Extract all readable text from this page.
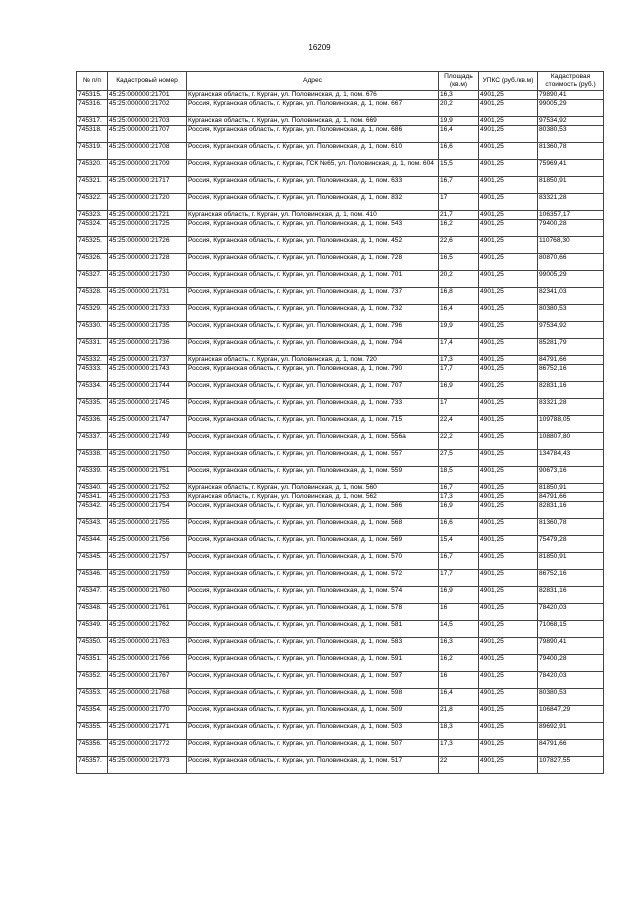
16209
№ п/п	Кадастровый номер	Адрес	Площадь (кв.м)	УПКС (руб./кв.м)	Кадастровая стоимость (руб.)
745315.	45:25:000000:21701	Курганская область, г. Курган, ул. Половинская, д. 1, пом. 676	16,3	4901,25	79890,41
745316.	45:25:000000:21702	Россия, Курганская область, г. Курган, ул. Половинская, д. 1, пом. 667	20,2	4901,25	99005,29
745317.	45:25:000000:21703	Курганская область, г. Курган, ул. Половинская, д. 1, пом. 669	19,9	4901,25	97534,92
745318.	45:25:000000:21707	Россия, Курганская область, г. Курган, ул. Половинская, д. 1, пом. 686	16,4	4901,25	80380,53
745319.	45:25:000000:21708	Россия, Курганская область, г. Курган, ул. Половинская, д. 1, пом. 610	16,6	4901,25	81360,78
745320.	45:25:000000:21709	Россия, Курганская область, г. Курган, ГСК №65, ул. Половинская, д. 1, пом. 604	15,5	4901,25	75969,41
745321.	45:25:000000:21717	Россия, Курганская область, г. Курган, ул. Половинская, д. 1, пом. 633	16,7	4901,25	81850,91
745322.	45:25:000000:21720	Россия, Курганская область, г. Курган, ул. Половинская, д. 1, пом. 832	17	4901,25	83321,28
745323.	45:25:000000:21721	Курганская область, г. Курган, ул. Половинская, д. 1, пом. 410	21,7	4901,25	106357,17
745324.	45:25:000000:21725	Россия, Курганская область, г. Курган, ул. Половинская, д. 1, пом. 543	16,2	4901,25	79400,28
745325.	45:25:000000:21726	Россия, Курганская область, г. Курган, ул. Половинская, д. 1, пом. 452	22,6	4901,25	110768,30
745326.	45:25:000000:21728	Россия, Курганская область, г. Курган, ул. Половинская, д. 1, пом. 728	16,5	4901,25	80870,66
745327.	45:25:000000:21730	Россия, Курганская область, г. Курган, ул. Половинская, д. 1, пом. 701	20,2	4901,25	99005,29
745328.	45:25:000000:21731	Россия, Курганская область, г. Курган, ул. Половинская, д. 1, пом. 737	16,8	4901,25	82341,03
745329.	45:25:000000:21733	Россия, Курганская область, г. Курган, ул. Половинская, д. 1, пом. 732	16,4	4901,25	80380,53
745330.	45:25:000000:21735	Россия, Курганская область, г. Курган, ул. Половинская, д. 1, пом. 796	19,9	4901,25	97534,92
745331.	45:25:000000:21736	Россия, Курганская область, г. Курган, ул. Половинская, д. 1, пом. 794	17,4	4901,25	85281,79
745332.	45:25:000000:21737	Курганская область, г. Курган, ул. Половинская, д. 1, пом. 720	17,3	4901,25	84791,66
745333.	45:25:000000:21743	Россия, Курганская область, г. Курган, ул. Половинская, д. 1, пом. 790	17,7	4901,25	86752,16
745334.	45:25:000000:21744	Россия, Курганская область, г. Курган, ул. Половинская, д. 1, пом. 707	16,9	4901,25	82831,16
745335.	45:25:000000:21745	Россия, Курганская область, г. Курган, ул. Половинская, д. 1, пом. 733	17	4901,25	83321,28
745336.	45:25:000000:21747	Россия, Курганская область, г. Курган, ул. Половинская, д. 1, пом. 715	22,4	4901,25	109788,05
745337.	45:25:000000:21749	Россия, Курганская область, г. Курган, ул. Половинская, д. 1, пом. 556а	22,2	4901,25	108807,80
745338.	45:25:000000:21750	Россия, Курганская область, г. Курган, ул. Половинская, д. 1, пом. 557	27,5	4901,25	134784,43
745339.	45:25:000000:21751	Россия, Курганская область, г. Курган, ул. Половинская, д. 1, пом. 559	18,5	4901,25	90673,16
745340.	45:25:000000:21752	Курганская область, г. Курган, ул. Половинская, д. 1, пом. 560	16,7	4901,25	81850,91
745341.	45:25:000000:21753	Курганская область, г. Курган, ул. Половинская, д. 1, пом. 562	17,3	4901,25	84791,66
745342.	45:25:000000:21754	Россия, Курганская область, г. Курган, ул. Половинская, д. 1, пом. 566	16,9	4901,25	82831,16
745343.	45:25:000000:21755	Россия, Курганская область, г. Курган, ул. Половинская, д. 1, пом. 568	16,6	4901,25	81360,78
745344.	45:25:000000:21756	Россия, Курганская область, г. Курган, ул. Половинская, д. 1, пом. 569	15,4	4901,25	75479,28
745345.	45:25:000000:21757	Россия, Курганская область, г. Курган, ул. Половинская, д. 1, пом. 570	16,7	4901,25	81850,91
745346.	45:25:000000:21759	Россия, Курганская область, г. Курган, ул. Половинская, д. 1, пом. 572	17,7	4901,25	86752,16
745347.	45:25:000000:21760	Россия, Курганская область, г. Курган, ул. Половинская, д. 1, пом. 574	16,9	4901,25	82831,16
745348.	45:25:000000:21761	Россия, Курганская область, г. Курган, ул. Половинская, д. 1, пом. 578	16	4901,25	78420,03
745349.	45:25:000000:21762	Россия, Курганская область, г. Курган, ул. Половинская, д. 1, пом. 581	14,5	4901,25	71068,15
745350.	45:25:000000:21763	Россия, Курганская область, г. Курган, ул. Половинская, д. 1, пом. 583	16,3	4901,25	79890,41
745351.	45:25:000000:21766	Россия, Курганская область, г. Курган, ул. Половинская, д. 1, пом. 591	16,2	4901,25	79400,28
745352.	45:25:000000:21767	Россия, Курганская область, г. Курган, ул. Половинская, д. 1, пом. 597	16	4901,25	78420,03
745353.	45:25:000000:21768	Россия, Курганская область, г. Курган, ул. Половинская, д. 1, пом. 598	16,4	4901,25	80380,53
745354.	45:25:000000:21770	Россия, Курганская область, г. Курган, ул. Половинская, д. 1, пом. 509	21,8	4901,25	106847,29
745355.	45:25:000000:21771	Россия, Курганская область, г. Курган, ул. Половинская, д. 1, пом. 503	18,3	4901,25	89692,91
745356.	45:25:000000:21772	Россия, Курганская область, г. Курган, ул. Половинская, д. 1, пом. 507	17,3	4901,25	84791,66
745357.	45:25:000000:21773	Россия, Курганская область, г. Курган, ул. Половинская, д. 1, пом. 517	22	4901,25	107827,55
